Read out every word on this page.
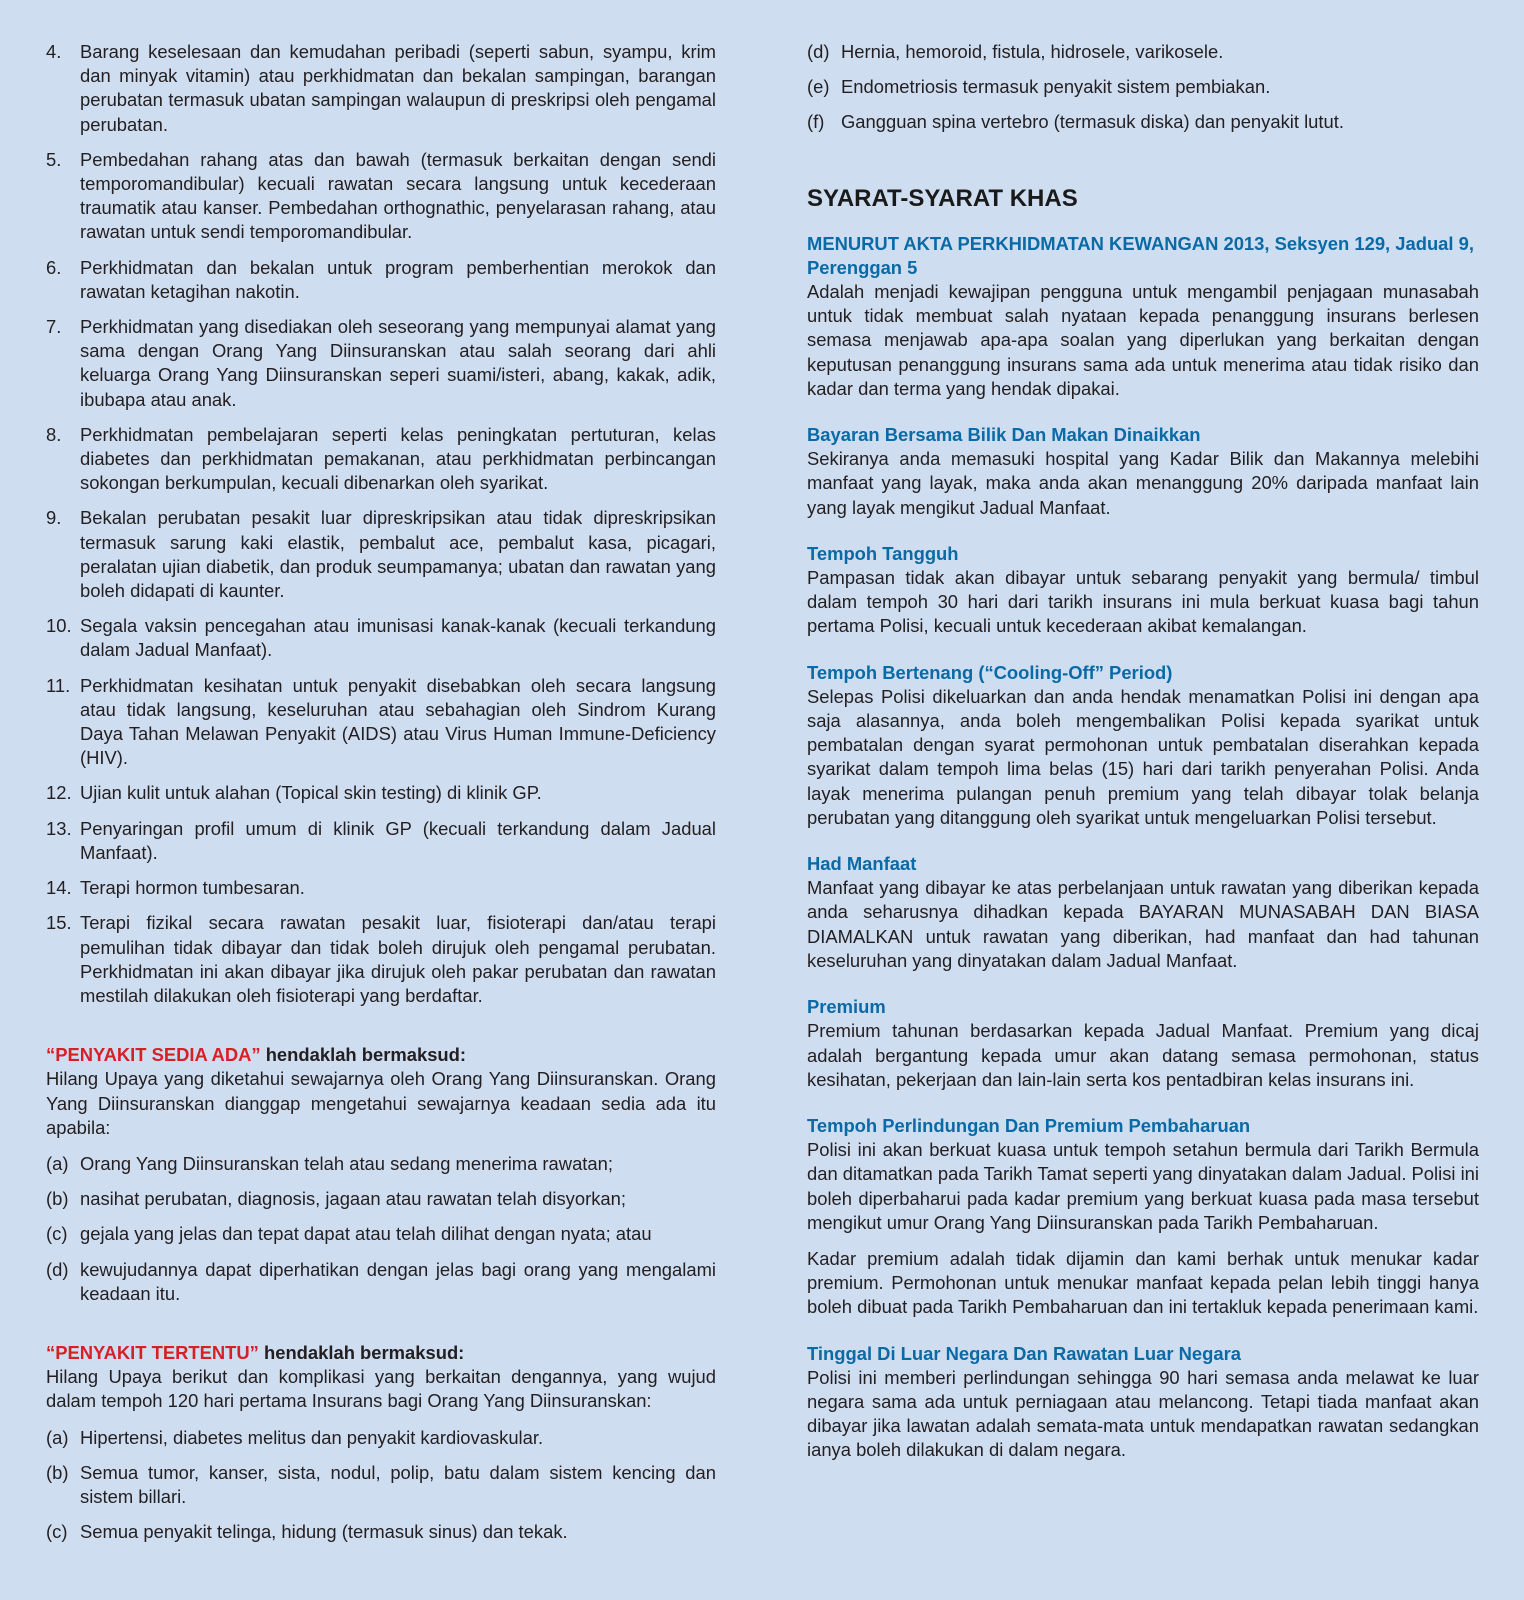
4.	Barang keselesaan dan kemudahan peribadi (seperti sabun, syampu, krim dan minyak vitamin) atau perkhidmatan dan bekalan sampingan, barangan perubatan termasuk ubatan sampingan walaupun di preskripsi oleh pengamal perubatan.
5.	Pembedahan rahang atas dan bawah (termasuk berkaitan dengan sendi temporomandibular) kecuali rawatan secara langsung untuk kecederaan traumatik atau kanser. Pembedahan orthognathic, penyelarasan rahang, atau rawatan untuk sendi temporomandibular.
6.	Perkhidmatan dan bekalan untuk program pemberhentian merokok dan rawatan ketagihan nakotin.
7.	Perkhidmatan yang disediakan oleh seseorang yang mempunyai alamat yang sama dengan Orang Yang Diinsuranskan atau salah seorang dari ahli keluarga Orang Yang Diinsuranskan seperi suami/isteri, abang, kakak, adik, ibubapa atau anak.
8.	Perkhidmatan pembelajaran seperti kelas peningkatan pertuturan, kelas diabetes dan perkhidmatan pemakanan, atau perkhidmatan perbincangan sokongan berkumpulan, kecuali dibenarkan oleh syarikat.
9.	Bekalan perubatan pesakit luar dipreskripsikan atau tidak dipreskripsikan termasuk sarung kaki elastik, pembalut ace, pembalut kasa, picagari, peralatan ujian diabetik, dan produk seumpamanya; ubatan dan rawatan yang boleh didapati di kaunter.
10. Segala vaksin pencegahan atau imunisasi kanak-kanak (kecuali terkandung dalam Jadual Manfaat).
11. Perkhidmatan kesihatan untuk penyakit disebabkan oleh secara langsung atau tidak langsung, keseluruhan atau sebahagian oleh Sindrom Kurang Daya Tahan Melawan Penyakit (AIDS) atau Virus Human Immune-Deficiency (HIV).
12. Ujian kulit untuk alahan (Topical skin testing) di klinik GP.
13. Penyaringan profil umum di klinik GP (kecuali terkandung dalam Jadual Manfaat).
14. Terapi hormon tumbesaran.
15. Terapi fizikal secara rawatan pesakit luar, fisioterapi dan/atau terapi pemulihan tidak dibayar dan tidak boleh dirujuk oleh pengamal perubatan. Perkhidmatan ini akan dibayar jika dirujuk oleh pakar perubatan dan rawatan mestilah dilakukan oleh fisioterapi yang berdaftar.

“PENYAKIT SEDIA ADA” hendaklah bermaksud:

Hilang Upaya yang diketahui sewajarnya oleh Orang Yang Diinsuranskan. Orang Yang Diinsuranskan dianggap mengetahui sewajarnya keadaan sedia ada itu apabila:

(a) Orang Yang Diinsuranskan telah atau sedang menerima rawatan;
(b) nasihat perubatan, diagnosis, jagaan atau rawatan telah disyorkan;
(c) gejala yang jelas dan tepat dapat atau telah dilihat dengan nyata; atau
(d) kewujudannya dapat diperhatikan dengan jelas bagi orang yang mengalami keadaan itu.

“PENYAKIT TERTENTU” hendaklah bermaksud:

Hilang Upaya berikut dan komplikasi yang berkaitan dengannya, yang wujud dalam tempoh 120 hari pertama Insurans bagi Orang Yang Diinsuranskan:

(a) Hipertensi, diabetes melitus dan penyakit kardiovaskular.
(b) Semua tumor, kanser, sista, nodul, polip, batu dalam sistem kencing dan sistem billari.
(c) Semua penyakit telinga, hidung (termasuk sinus) dan tekak.
(d) Hernia, hemoroid, fistula, hidrosele, varikosele.
(e) Endometriosis termasuk penyakit sistem pembiakan.
(f) Gangguan spina vertebro (termasuk diska) dan penyakit lutut.
SYARAT-SYARAT KHAS

MENURUT AKTA PERKHIDMATAN KEWANGAN 2013, Seksyen 129, Jadual 9, Perenggan 5

Adalah menjadi kewajipan pengguna untuk mengambil penjagaan munasabah untuk tidak membuat salah nyataan kepada penanggung insurans berlesen semasa menjawab apa-apa soalan yang diperlukan yang berkaitan dengan keputusan penanggung insurans sama ada untuk menerima atau tidak risiko dan kadar dan terma yang hendak dipakai.

Bayaran Bersama Bilik Dan Makan Dinaikkan

Sekiranya anda memasuki hospital yang Kadar Bilik dan Makannya melebihi manfaat yang layak, maka anda akan menanggung 20% daripada manfaat lain yang layak mengikut Jadual Manfaat.

Tempoh Tangguh

Pampasan tidak akan dibayar untuk sebarang penyakit yang bermula/ timbul dalam tempoh 30 hari dari tarikh insurans ini mula berkuat kuasa bagi tahun pertama Polisi, kecuali untuk kecederaan akibat kemalangan.

Tempoh Bertenang (“Cooling-Off” Period)

Selepas Polisi dikeluarkan dan anda hendak menamatkan Polisi ini dengan apa saja alasannya, anda boleh mengembalikan Polisi kepada syarikat untuk pembatalan dengan syarat permohonan untuk pembatalan diserahkan kepada syarikat dalam tempoh lima belas (15) hari dari tarikh penyerahan Polisi. Anda layak menerima pulangan penuh premium yang telah dibayar tolak belanja perubatan yang ditanggung oleh syarikat untuk mengeluarkan Polisi tersebut.

Had Manfaat

Manfaat yang dibayar ke atas perbelanjaan untuk rawatan yang diberikan kepada anda seharusnya dihadkan kepada BAYARAN MUNASABAH DAN BIASA DIAMALKAN untuk rawatan yang diberikan, had manfaat dan had tahunan keseluruhan yang dinyatakan dalam Jadual Manfaat.

Premium

Premium tahunan berdasarkan kepada Jadual Manfaat. Premium yang dicaj adalah bergantung kepada umur akan datang semasa permohonan, status kesihatan, pekerjaan dan lain-lain serta kos pentadbiran kelas insurans ini.

Tempoh Perlindungan Dan Premium Pembaharuan

Polisi ini akan berkuat kuasa untuk tempoh setahun bermula dari Tarikh Bermula dan ditamatkan pada Tarikh Tamat seperti yang dinyatakan dalam Jadual. Polisi ini boleh diperbaharui pada kadar premium yang berkuat kuasa pada masa tersebut mengikut umur Orang Yang Diinsuranskan pada Tarikh Pembaharuan.

Kadar premium adalah tidak dijamin dan kami berhak untuk menukar kadar premium. Permohonan untuk menukar manfaat kepada pelan lebih tinggi hanya boleh dibuat pada Tarikh Pembaharuan dan ini tertakluk kepada penerimaan kami.

Tinggal Di Luar Negara Dan Rawatan Luar Negara

Polisi ini memberi perlindungan sehingga 90 hari semasa anda melawat ke luar negara sama ada untuk perniagaan atau melancong. Tetapi tiada manfaat akan dibayar jika lawatan adalah semata-mata untuk mendapatkan rawatan sedangkan ianya boleh dilakukan di dalam negara.
